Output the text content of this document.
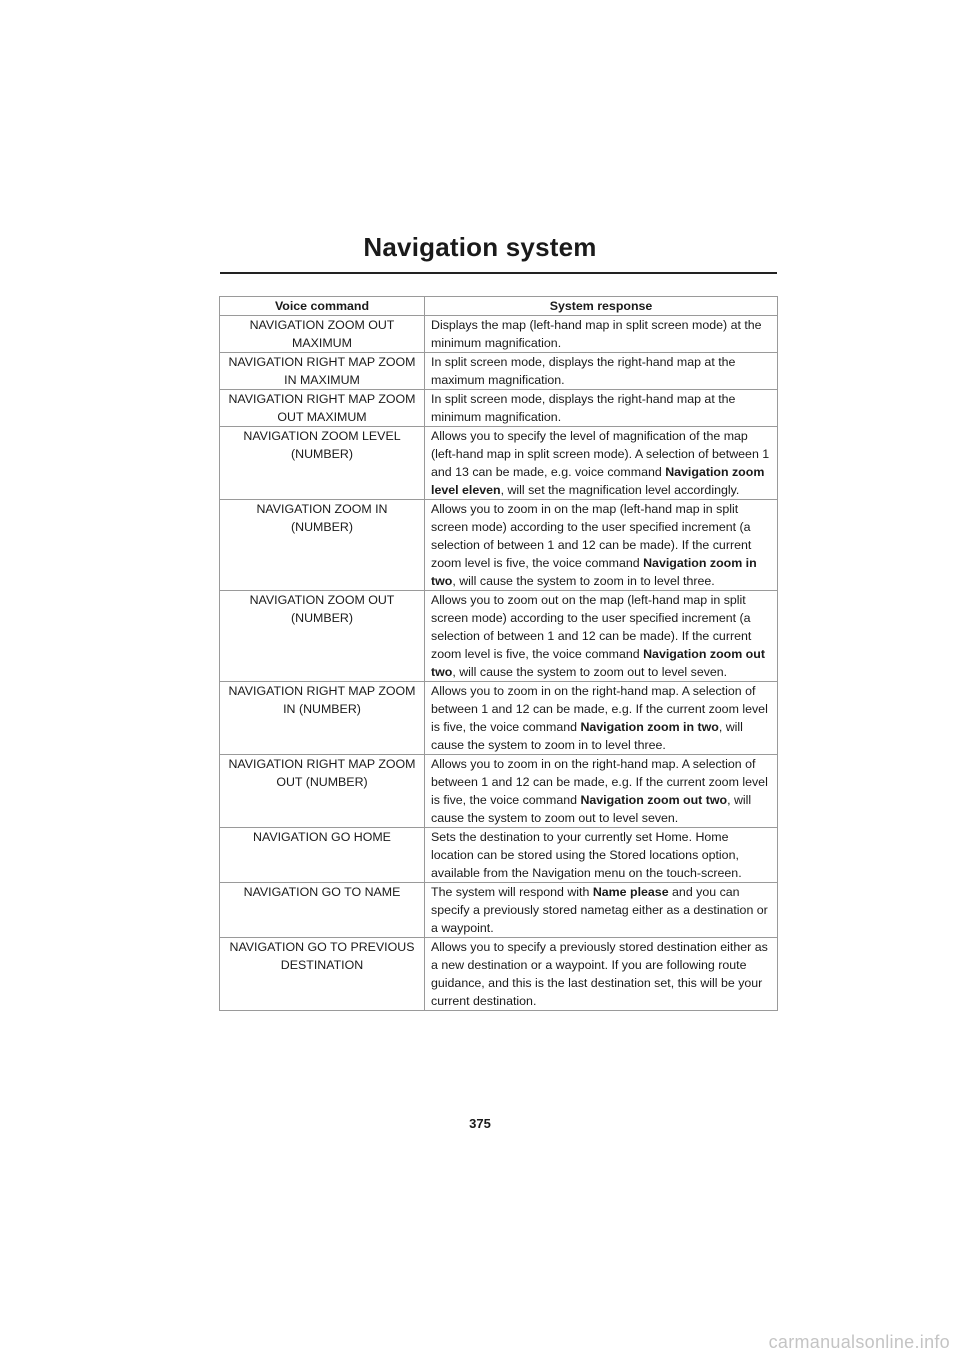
Navigation system
Voice command	System response
NAVIGATION ZOOM OUT MAXIMUM	Displays the map (left-hand map in split screen mode) at the minimum magnification.
NAVIGATION RIGHT MAP ZOOM IN MAXIMUM	In split screen mode, displays the right-hand map at the maximum magnification.
NAVIGATION RIGHT MAP ZOOM OUT MAXIMUM	In split screen mode, displays the right-hand map at the minimum magnification.
NAVIGATION ZOOM LEVEL (NUMBER)	Allows you to specify the level of magnification of the map (left-hand map in split screen mode). A selection of between 1 and 13 can be made, e.g. voice command Navigation zoom level eleven, will set the magnification level accordingly.
NAVIGATION ZOOM IN (NUMBER)	Allows you to zoom in on the map (left-hand map in split screen mode) according to the user specified increment (a selection of between 1 and 12 can be made). If the current zoom level is five, the voice command Navigation zoom in two, will cause the system to zoom in to level three.
NAVIGATION ZOOM OUT (NUMBER)	Allows you to zoom out on the map (left-hand map in split screen mode) according to the user specified increment (a selection of between 1 and 12 can be made). If the current zoom level is five, the voice command Navigation zoom out two, will cause the system to zoom out to level seven.
NAVIGATION RIGHT MAP ZOOM IN (NUMBER)	Allows you to zoom in on the right-hand map. A selection of between 1 and 12 can be made, e.g. If the current zoom level is five, the voice command Navigation zoom in two, will cause the system to zoom in to level three.
NAVIGATION RIGHT MAP ZOOM OUT (NUMBER)	Allows you to zoom in on the right-hand map. A selection of between 1 and 12 can be made, e.g. If the current zoom level is five, the voice command Navigation zoom out two, will cause the system to zoom out to level seven.
NAVIGATION GO HOME	Sets the destination to your currently set Home. Home location can be stored using the Stored locations option, available from the Navigation menu on the touch-screen.
NAVIGATION GO TO NAME	The system will respond with Name please and you can specify a previously stored nametag either as a destination or a waypoint.
NAVIGATION GO TO PREVIOUS DESTINATION	Allows you to specify a previously stored destination either as a new destination or a waypoint. If you are following route guidance, and this is the last destination set, this will be your current destination.
375
carmanualsonline.info
